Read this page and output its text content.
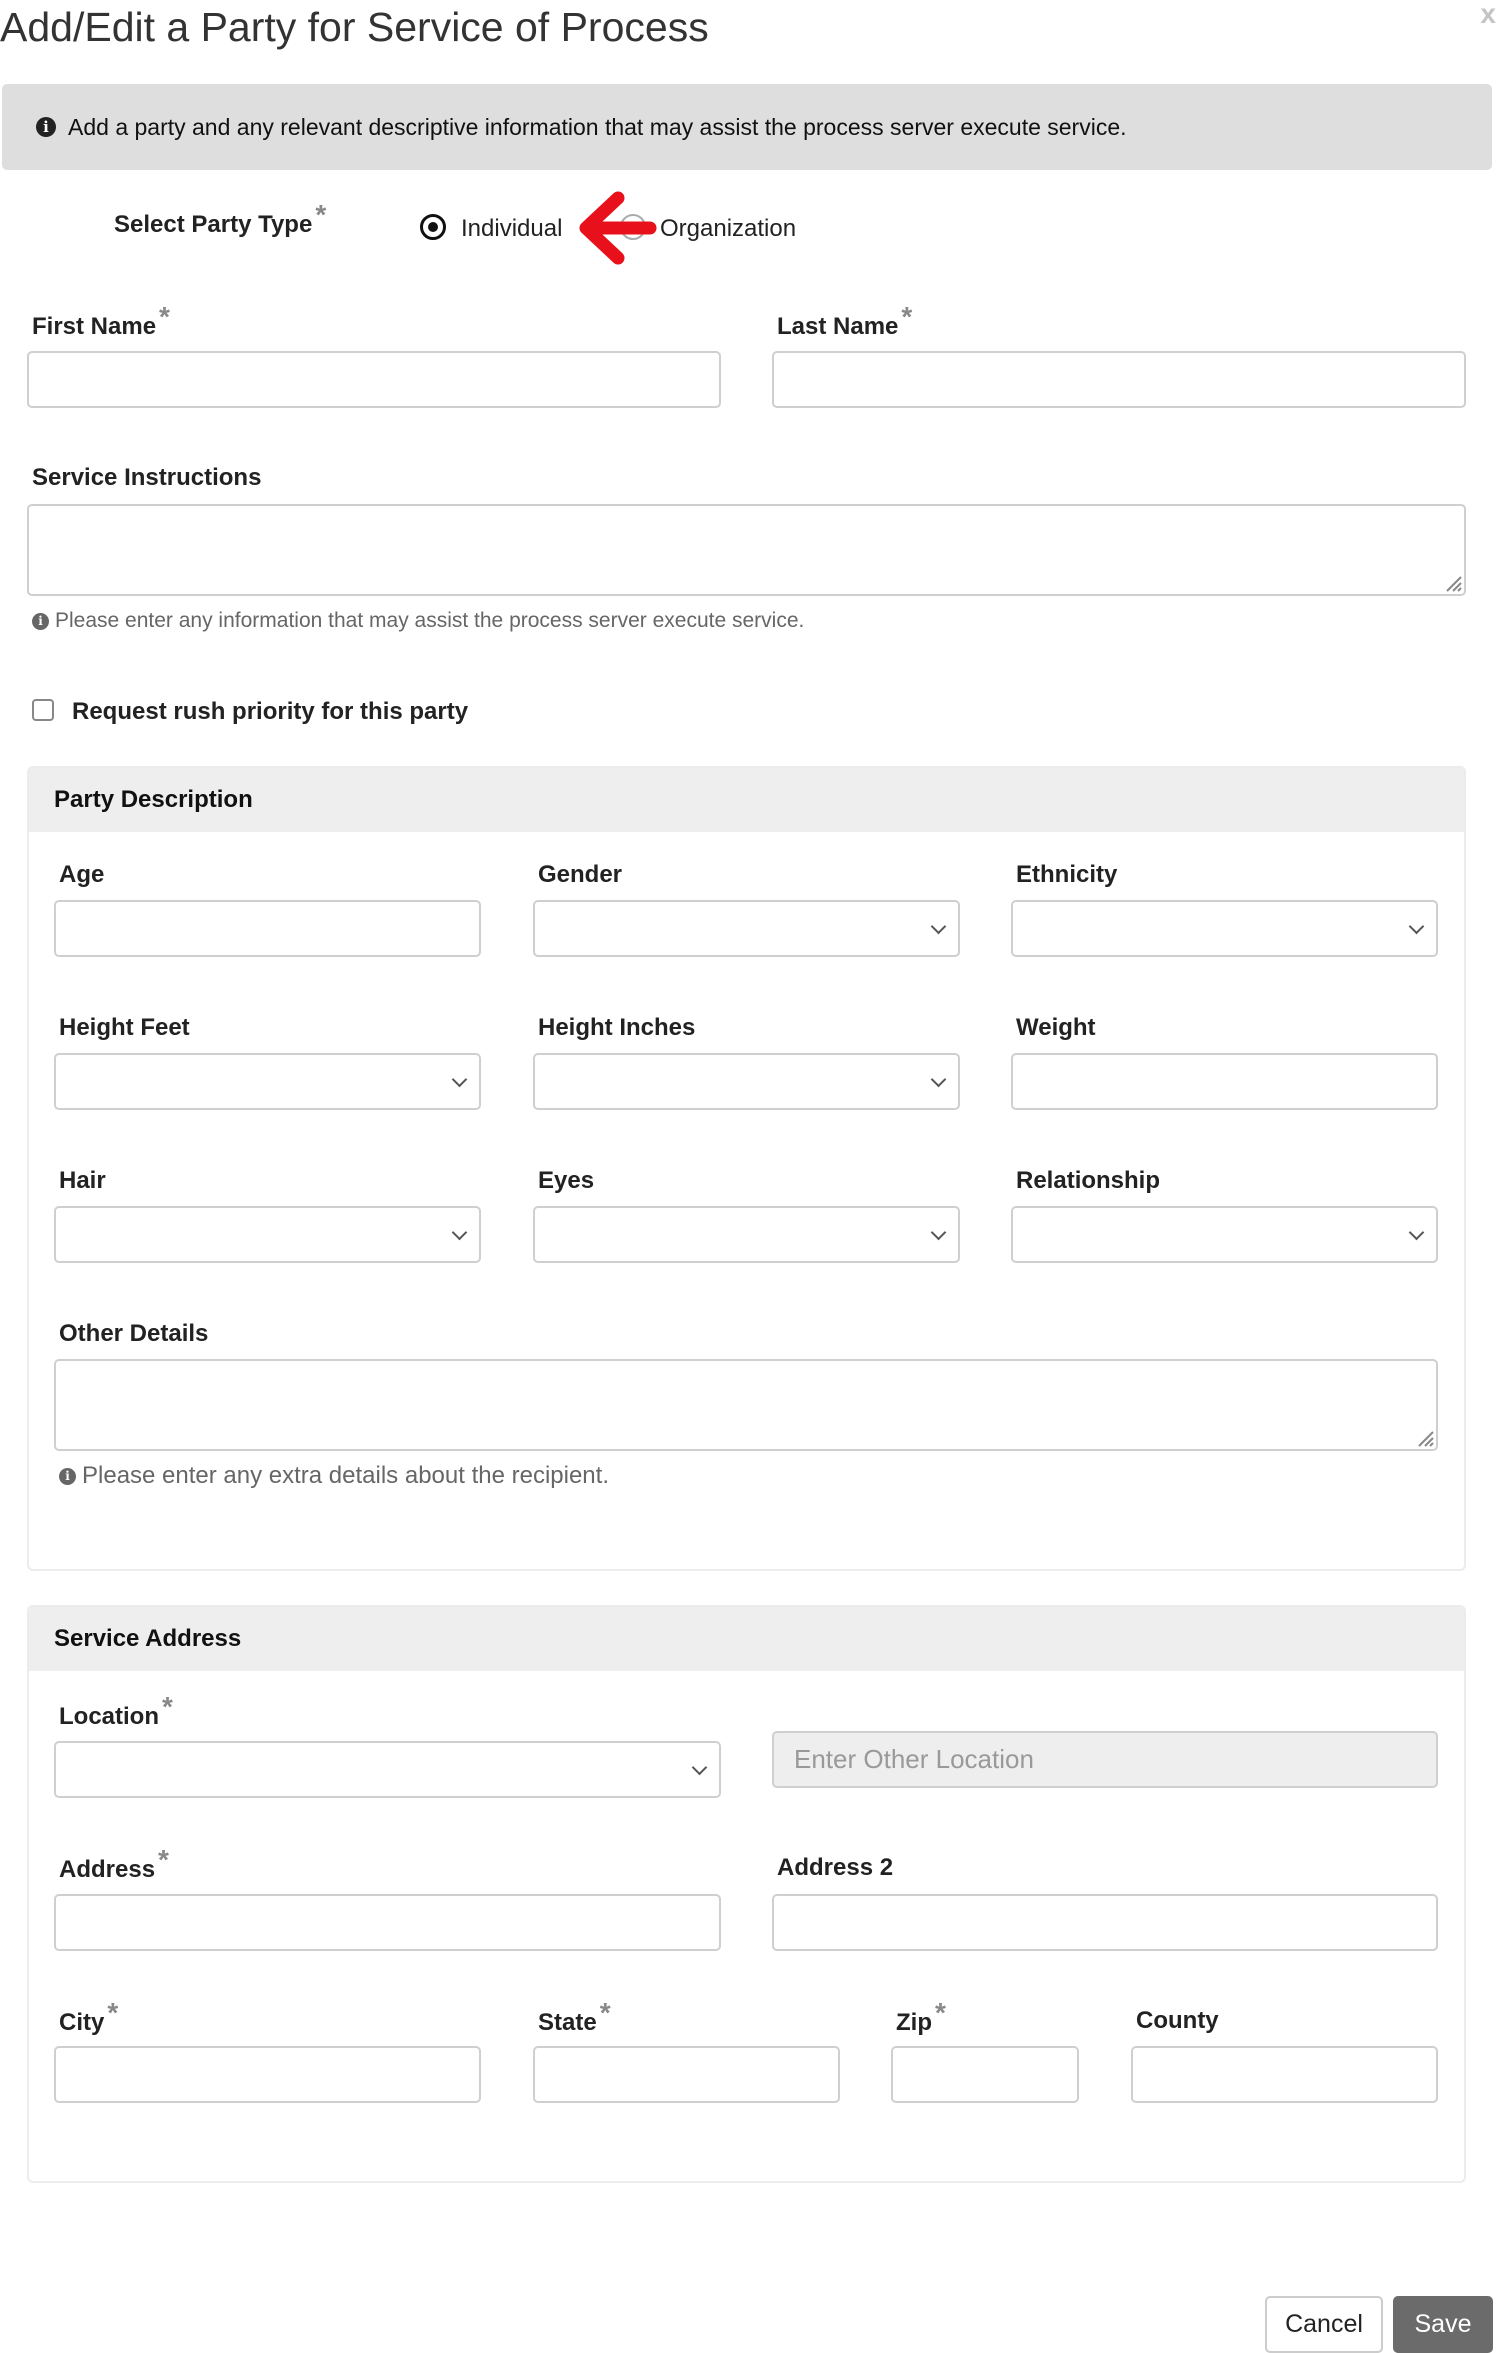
Add/Edit a Party for Service of Process	x
i Add a party and any relevant descriptive information that may assist the process server execute service.
Select Party Type *	Individual	Organization
First Name *	Last Name *
Service Instructions
i Please enter any information that may assist the process server execute service.
Request rush priority for this party
Party Description
Age	Gender	Ethnicity
Height Feet	Height Inches	Weight
Hair	Eyes	Relationship
Other Details
i Please enter any extra details about the recipient.
Service Address
Location *
Enter Other Location
Address *	Address 2
City *	State *	Zip *	County
Cancel	Save
